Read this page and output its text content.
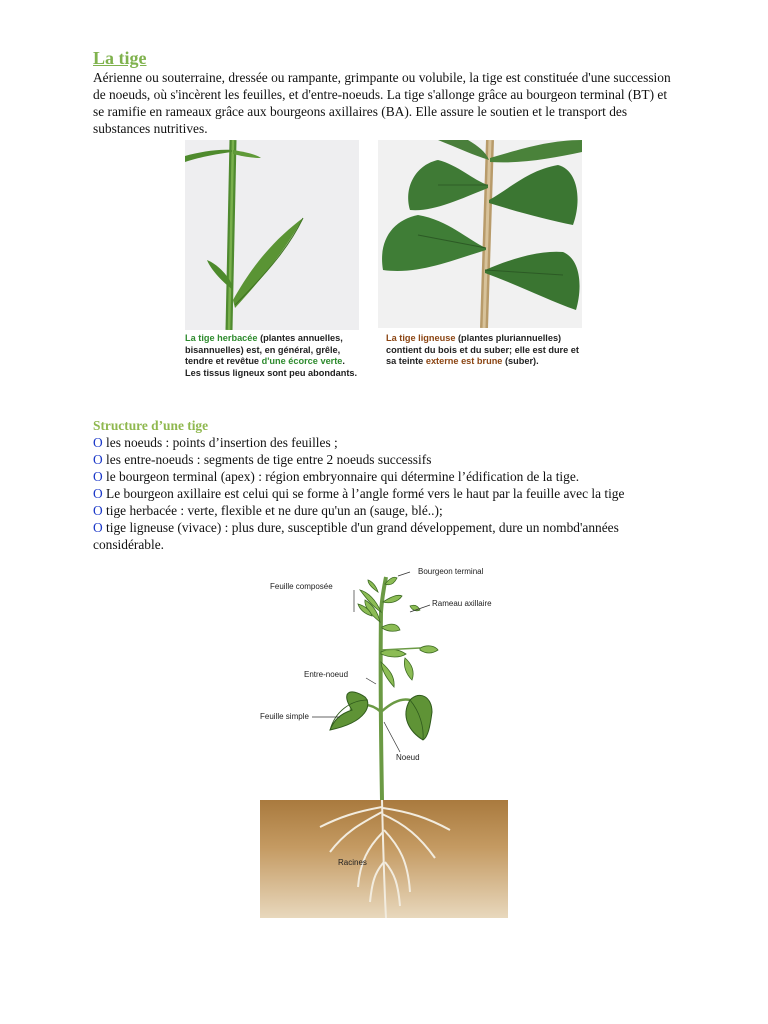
La tige

Aérienne ou souterraine, dressée ou rampante, grimpante ou volubile, la tige est constituée d'une succession de noeuds, où s'incèrent les feuilles, et d'entre-noeuds. La tige s'allonge grâce au bourgeon terminal (BT) et se ramifie en rameaux grâce aux bourgeons axillaires (BA). Elle assure le soutien et le transport des substances nutritives.

La tige herbacée (plantes annuelles, bisannuelles) est, en général, grêle, tendre et revêtue d'une écorce verte. Les tissus ligneux sont peu abondants.

La tige ligneuse (plantes pluriannuelles) contient du bois et du suber; elle est dure et sa teinte externe est brune (suber).

Structure d’une tige
O les noeuds : points d’insertion des feuilles ;
O les entre-noeuds : segments de tige entre 2 noeuds successifs
O le bourgeon terminal (apex) : région embryonnaire qui détermine l’édification de la tige.
O Le bourgeon axillaire est celui qui se forme à l’angle formé vers le haut par la feuille avec la tige
O tige herbacée : verte, flexible et ne dure qu'un an (sauge, blé..);
O tige ligneuse (vivace) : plus dure, susceptible d'un grand développement, dure un nombd'années considérable.
Bourgeon terminal
Feuille composée
Rameau axillaire
Entre-noeud
Feuille simple
Noeud
Racines
